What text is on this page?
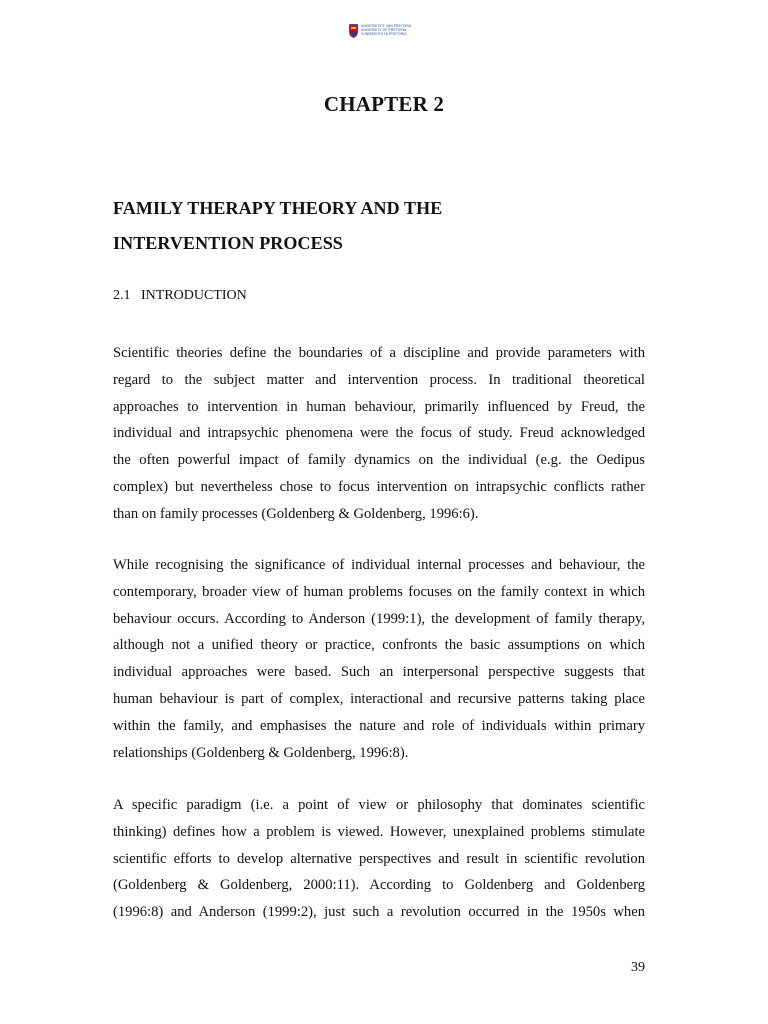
UNIVERSITEIT VAN PRETORIA
UNIVERSITY OF PRETORIA
YUNIBESITHI YA PRETORIA
CHAPTER 2
FAMILY THERAPY THEORY AND THE
INTERVENTION PROCESS
2.1 INTRODUCTION
Scientific theories define the boundaries of a discipline and provide parameters with
regard to the subject matter and intervention process. In traditional theoretical
approaches to intervention in human behaviour, primarily influenced by Freud, the
individual and intrapsychic phenomena were the focus of study. Freud acknowledged
the often powerful impact of family dynamics on the individual (e.g. the Oedipus
complex) but nevertheless chose to focus intervention on intrapsychic conflicts rather
than on family processes (Goldenberg & Goldenberg, 1996:6).
While recognising the significance of individual internal processes and behaviour, the
contemporary, broader view of human problems focuses on the family context in which
behaviour occurs. According to Anderson (1999:1), the development of family therapy,
although not a unified theory or practice, confronts the basic assumptions on which
individual approaches were based. Such an interpersonal perspective suggests that
human behaviour is part of complex, interactional and recursive patterns taking place
within the family, and emphasises the nature and role of individuals within primary
relationships (Goldenberg & Goldenberg, 1996:8).
A specific paradigm (i.e. a point of view or philosophy that dominates scientific
thinking) defines how a problem is viewed. However, unexplained problems stimulate
scientific efforts to develop alternative perspectives and result in scientific revolution
(Goldenberg & Goldenberg, 2000:11). According to Goldenberg and Goldenberg
(1996:8) and Anderson (1999:2), just such a revolution occurred in the 1950s when
39
